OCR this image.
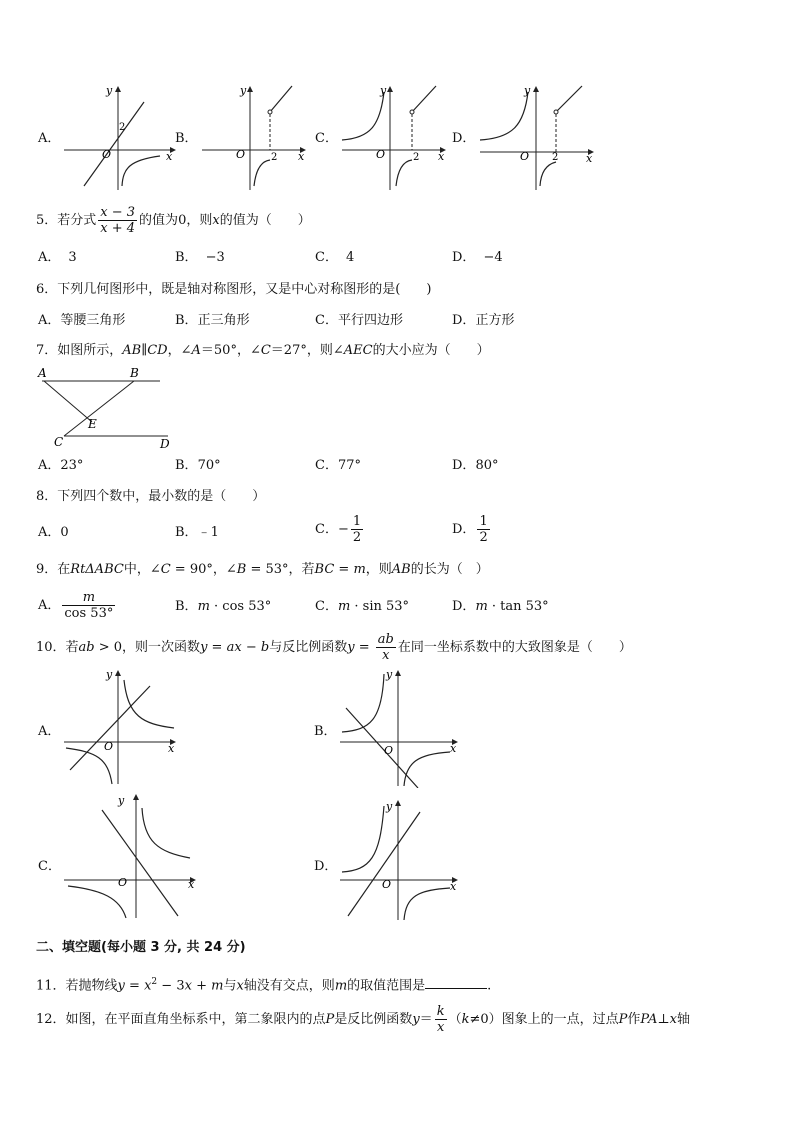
A．
y
x
O
2
B．
y
x
O	2
C．
y
x
O	2
D．
y
x
O 2
5．若分式 $\frac{x - 3}{x + 4}$ 的值为0，则x的值为（　　）
A． 3	B． −3	C． 4	D． −4
6．下列几何图形中，既是轴对称图形，又是中心对称图形的是(　　)
A．等腰三角形	B．正三角形	C．平行四边形	D．正方形
7．如图所示，AB∥CD，∠A＝50°，∠C＝27°，则∠AEC的大小应为（　　）
A	B
E
C	D
A．23°	B．70°	C．77°	D．80°
8．下列四个数中，最小数的是（　　）
A．0	B．﹣1	C．− $\frac{1}{2}$	D． $\frac{1}{2}$
9．在RtΔABC中，∠C = 90°，∠B = 53°，若BC = m，则AB的长为（　）
A． $\frac{m}{\cos 53^\circ}$	B．m · cos 53°	C．m · sin 53°	D．m · tan 53°
10．若ab > 0，则一次函数y = ax − b与反比例函数$y = \frac{ab}{x}$ 在同一坐标系数中的大致图象是（　　）
A．
y
x
O
B．
y
x
O
C．
y
x
O
D．
y
x
O
二、填空题(每小题 3 分, 共 24 分)
11．若抛物线$y = x^2 - 3x + m$与x轴没有交点，则m的取值范围是	.
12．如图，在平面直角坐标系中，第二象限内的点P是反比例函数$y= \frac{k}{x} (k\ne 0)$图象上的一点，过点P作PA⊥x轴
